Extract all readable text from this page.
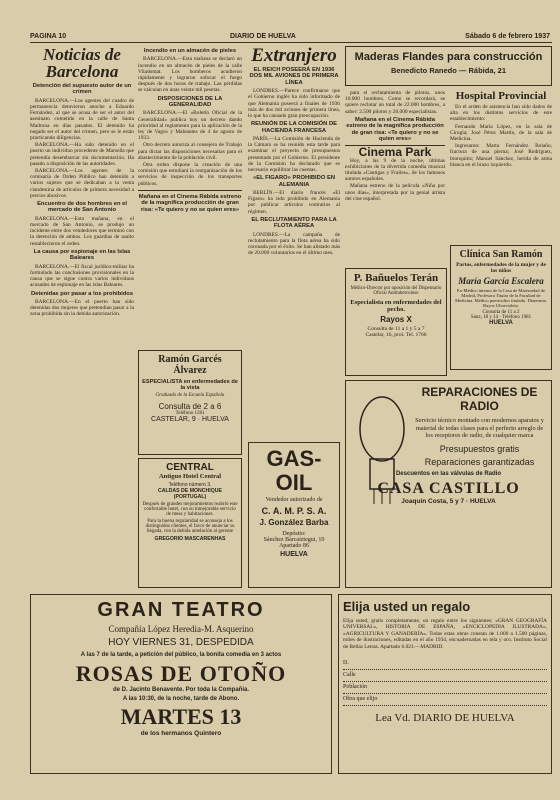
PAGINA 10	DIARIO DE HUELVA	Sábado 6 de febrero 1937
Noticias de Barcelona
Detención del supuesto autor de un crimen

BARCELONA.—Los agentes del cuadro de permanencia detuvieron anoche a Eduardo Fernández, al que se acusa de ser el autor del asesinato cometido en la calle de Santa Madrona en días pasados. El detenido ha negado ser el autor del crimen, pero se le están practicando diligencias.

BARCELONA.—Ha sido detenido en el puerto un individuo procedente de Marsella que pretendía desembarcar sin documentación. Ha pasado a disposición de las autoridades.

BARCELONA.—Los agentes de la comisaría de Orden Público han detenido a varios sujetos que se dedicaban a la venta clandestina de artículos de primera necesidad a precios abusivos.

Encuentro de dos hombres en el mercado de San Antonio

BARCELONA.—Esta mañana, en el mercado de San Antonio, se produjo un incidente entre dos vendedores que terminó con la detención de ambos. Los guardias de asalto restablecieron el orden.

La causa por espionaje en las Islas Baleares

BARCELONA.—El fiscal jurídico-militar ha formulado las conclusiones provisionales en la causa que se sigue contra varios individuos acusados de espionaje en las islas Baleares.

Detenidas por pasar a los prohibidos

BARCELONA.—En el puerto han sido detenidas dos mujeres que pretendían pasar a la zona prohibida sin la debida autorización.

Incendio en un almacén de pieles

BARCELONA.—Esta mañana se declaró un incendio en un almacén de pieles de la calle Viladomat. Los bomberos acudieron rápidamente y lograron sofocar el fuego después de dos horas de trabajo. Las pérdidas se calculan en unas veinte mil pesetas.

DISPOSICIONES DE LA GENERALIDAD

BARCELONA.—El «Boletín Oficial de la Generalidad» publica hoy un decreto dando prioridad al reglamento para la aplicación de la ley de Vagos y Maleantes de 4 de agosto de 1933.

Otro decreto autoriza al consejero de Trabajo para dictar las disposiciones necesarias para el abastecimiento de la población civil.

Otra orden dispone la creación de una comisión que estudiará la reorganización de los servicios de inspección de los transportes públicos.

Mañana en el Cinema Rábida estreno de la magnífica producción de gran risa: «Te quiero y no se quien eres»
Ramón Garcés Álvarez
ESPECIALISTA en enfermedades de la vista
Graduado de la Escuela Española
Consulta de 2 a 6
Teléfono 1281
CASTELAR, 9 · HUELVA
CENTRAL
Antiguo Hotel Central
Teléfono número 3.
CALDAS DE MONCHIQUE (PORTUGAL)
Después de grandes mejoramientos reabrió este confortable hotel, con su inmejorable servicio de mesa y habitaciones.
Para la buena regularidad se aconseja a los distinguidos clientes, el favor de anunciar su llegada, con la debida antelación al gerente
GREGORIO MASCARENHAS
Extranjero
EL REICH POSEERÁ EN 1936 DOS MIL AVIONES DE PRIMERA LÍNEA

LONDRES.—Parece confirmarse que el Gobierno inglés ha sido informado de que Alemania poseerá a finales de 1936 más de dos mil aviones de primera línea, lo que ha causado gran preocupación.

REUNIÓN DE LA COMISIÓN DE HACIENDA FRANCESA

PARÍS.—La Comisión de Hacienda de la Cámara se ha reunido esta tarde para examinar el proyecto de presupuestos presentado por el Gobierno. El presidente de la Comisión ha declarado que es necesario equilibrar las cuentas.

«EL FIGARO» PROHIBIDO EN ALEMANIA

BERLÍN.—El diario francés «El Fígaro» ha sido prohibido en Alemania por publicar artículos contrarios al régimen.

EL RECLUTAMIENTO PARA LA FLOTA AÉREA

LONDRES.—La campaña de reclutamiento para la flota aérea ha sido coronada por el éxito. Se han alistado más de 20.000 voluntarios en el último mes.

Maderas Flandes para construcción
Benedicto Ranedo — Rábida, 21

para el reclutamiento de pilotos, unos 10.000 hombres. Como se recordará, se quiere reclutar un total de 22.000 hombres, a saber: 2.500 pilotos y 20.000 especialistas.

Mañana en el Cinema Rábida estreno de la magnífica producción de gran risa: «Te quiero y no se quien eres»
Cinema Park

Hoy, a las 9 de la noche, últimas exhibiciones de la divertida comedia musical titulada «Cantigas y Frailes», de los famosos autores españoles.

Mañana estreno de la película «Niña por unos días», interpretada por la genial artista del cine español.

Hospital Provincial

En el orden de asistencia han sido dados de alta en los distintos servicios de este establecimiento:

Fernando María López, en la sala de Cirugía; José Pérez Martín, de la sala de Medicina.

Ingresaron: Marta Fernández Bolaño, fractura de una pierna; José Rodríguez, bronquitis; Manuel Sánchez, herida de arma blanca en el brazo izquierdo.

P. Bañuelos Terán
Médico-Director por oposición del Dispensario Oficial Antituberculoso
Especialista en enfermedades del pecho.
Rayos X
Consulta de 11 a 1 y 5 a 7
Castelar, 16, prol. Tel. 1766
Clínica San Ramón
Partos, enfermedades de la mujer y de los niños
María García Escalera
Ex-Médico interno de la Casa de Maternidad de Madrid, Profesora Titular de la Facultad de Medicina. Médico puericultor titulado. Diatermia. Rayos Ultravioleta.
Consulta de 11 a 2
Sanz, 18 y 14 · Teléfono 1981
HUELVA
GAS-OIL
Vendedor autorizado de
C. A. M. P. S. A.
J. González Barba
Depósito:
Sánchez Barcaiztegui, 10
Apartado 86
HUELVA
REPARACIONES DE RADIO
Servicio técnico montado con modernos aparatos y material de todas clases para el perfecto arreglo de los receptores de radio, de cualquier marca
Presupuestos gratis
Reparaciones garantizadas
Descuentos en las válvulas de Radio
CASA CASTILLO
Joaquín Costa, 5 y 7 · HUELVA
GRAN TEATRO
Compañía López Heredia-M. Asquerino
HOY VIERNES 31, DESPEDIDA
A las 7 de la tarde, a petición del público, la bonita comedia en 3 actos
ROSAS DE OTOÑO
de D. Jacinto Benavente. Por toda la Compañía.
A las 10:30, de la noche, tarde de Abono.
MARTES 13
de los hermanos Quintero
Elija usted un regalo
Elija usted, gratis completamente, un regalo entre los siguientes: «GRAN GEOGRAFÍA UNIVERSAL», HISTORIA DE ESPAÑA, «ENCICLOPEDIA ILUSTRADA», «AGRICULTURA Y GANADERÍA». Todas estas obras constan de 1.000 a 1.500 páginas, miles de ilustraciones, editadas en el año 1934, encuadernadas en tela y oro. Instituto Social de Bellas Letras. Apartado 6.021.—MADRID.
D.
Calle
Población
Obra que elijo
Lea Vd. DIARIO DE HUELVA
